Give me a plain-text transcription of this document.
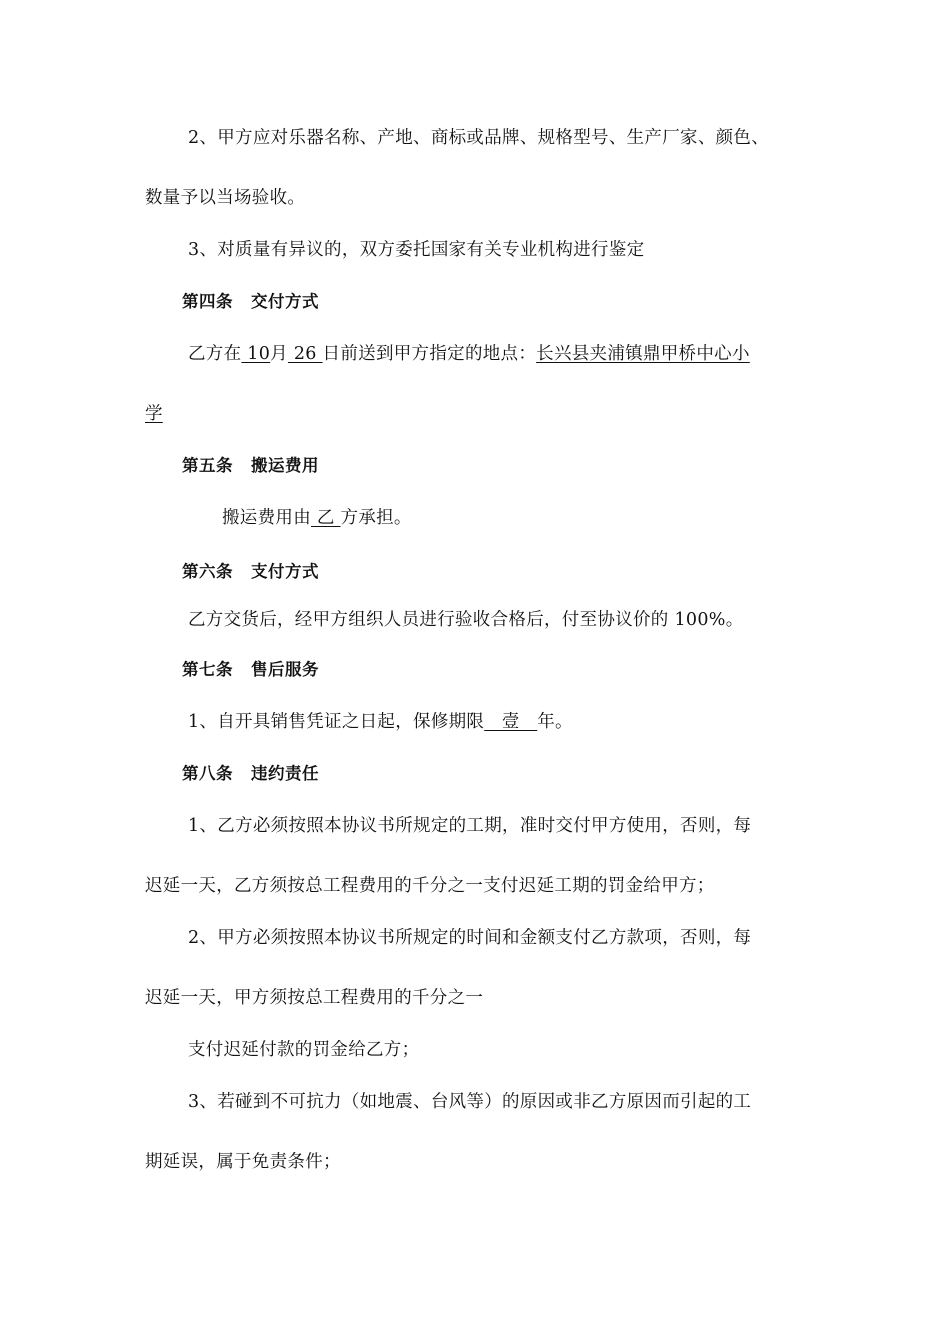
2、甲方应对乐器名称、产地、商标或品牌、规格型号、生产厂家、颜色、
数量予以当场验收。
3、对质量有异议的，双方委托国家有关专业机构进行鉴定
第四条 交付方式
乙方在 10月 26 日前送到甲方指定的地点：长兴县夹浦镇鼎甲桥中心小
学
第五条 搬运费用
搬运费用由 乙 方承担。
第六条 支付方式
乙方交货后，经甲方组织人员进行验收合格后，付至协议价的 100%。
第七条 售后服务
1、自开具销售凭证之日起，保修期限   壹   年。
第八条 违约责任
1、乙方必须按照本协议书所规定的工期，准时交付甲方使用，否则，每
迟延一天，乙方须按总工程费用的千分之一支付迟延工期的罚金给甲方；
2、甲方必须按照本协议书所规定的时间和金额支付乙方款项，否则，每
迟延一天，甲方须按总工程费用的千分之一
支付迟延付款的罚金给乙方；
3、若碰到不可抗力（如地震、台风等）的原因或非乙方原因而引起的工
期延误，属于免责条件；
